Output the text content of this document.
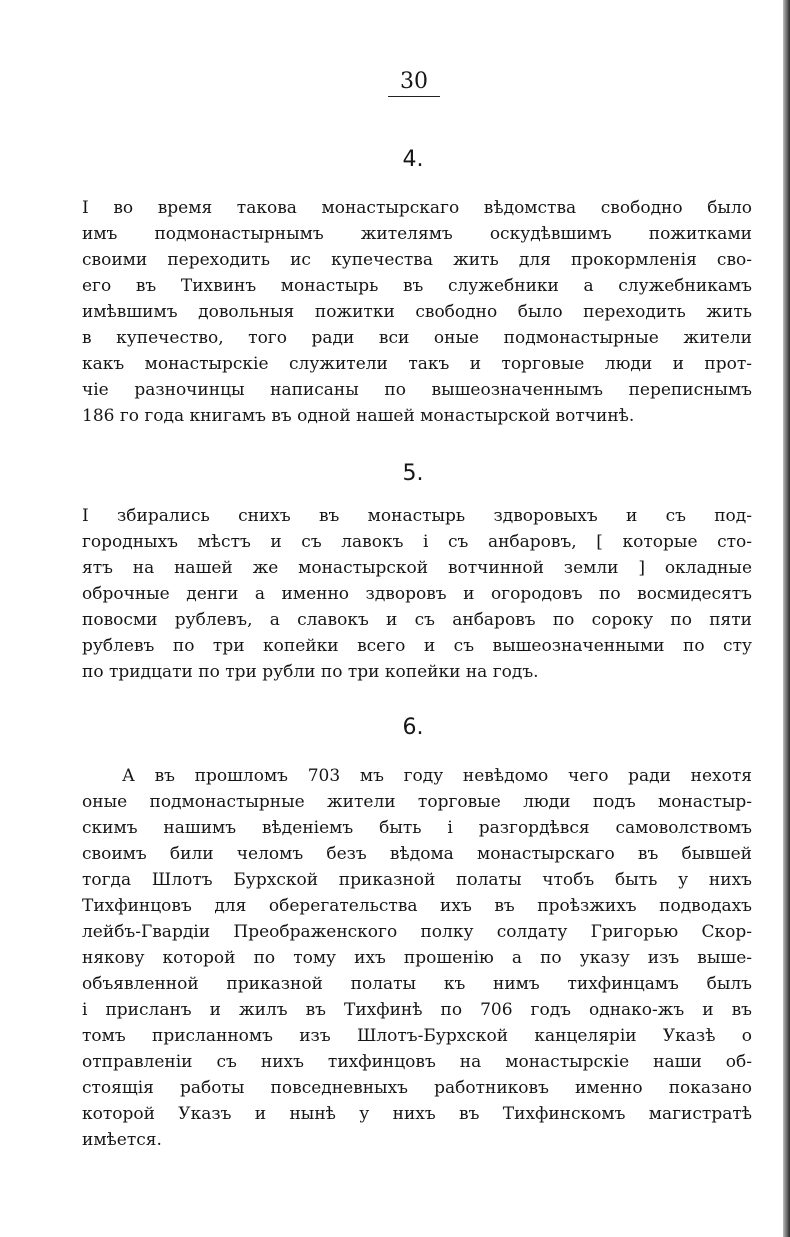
30
4.
Ӏ во время такова монастырскаго вѣдомства свободно было
имъ подмонастырнымъ жителямъ оскудѣвшимъ пожитками
своими переходить ис купечества жить для прокормленія сво-
его въ Тихвинъ монастырь въ служебники а служебникамъ
имѣвшимъ довольныя пожитки свободно было переходить жить
в купечество, того ради вси оные подмонастырные жители
какъ монастырскіе служители такъ и торговые люди и прот-
чіе разночинцы написаны по вышеозначеннымъ переписнымъ
186 го года книгамъ въ одной нашей монастырской вотчинѣ.
5.
Ӏ збирались снихъ въ монастырь здворовыхъ и съ под-
городныхъ мѣстъ и съ лавокъ і съ анбаровъ, [ которые сто-
ятъ на нашей же монастырской вотчинной земли ] окладные
оброчные денги а именно здворовъ и огородовъ по восмидесятъ
повосми рублевъ, а славокъ и съ анбаровъ по сороку по пяти
рублевъ по три копейки всего и съ вышеозначенными по сту
по тридцати по три рубли по три копейки на годъ.
6.
А въ прошломъ 703 мъ году невѣдомо чего ради нехотя
оные подмонастырные жители торговые люди подъ монастыр-
скимъ нашимъ вѣденіемъ быть і разгордѣвся самоволствомъ
своимъ били челомъ безъ вѣдома монастырскаго въ бывшей
тогда Шлотъ Бурхской приказной полаты чтобъ быть у нихъ
Тихфинцовъ для оберегательства ихъ въ проѣзжихъ подводахъ
лейбъ-Гвардіи Преображенского полку солдату Григорью Скор-
някову которой по тому ихъ прошенію а по указу изъ выше-
объявленной приказной полаты къ нимъ тихфинцамъ былъ
і присланъ и жилъ въ Тихфинѣ по 706 годъ однако-жъ и въ
томъ присланномъ изъ Шлотъ-Бурхской канцеляріи Указѣ о
отправленіи съ нихъ тихфинцовъ на монастырскіе наши об-
стоящія работы повседневныхъ работниковъ именно показано
которой Указъ и нынѣ у нихъ въ Тихфинскомъ магистратѣ
имѣется.
